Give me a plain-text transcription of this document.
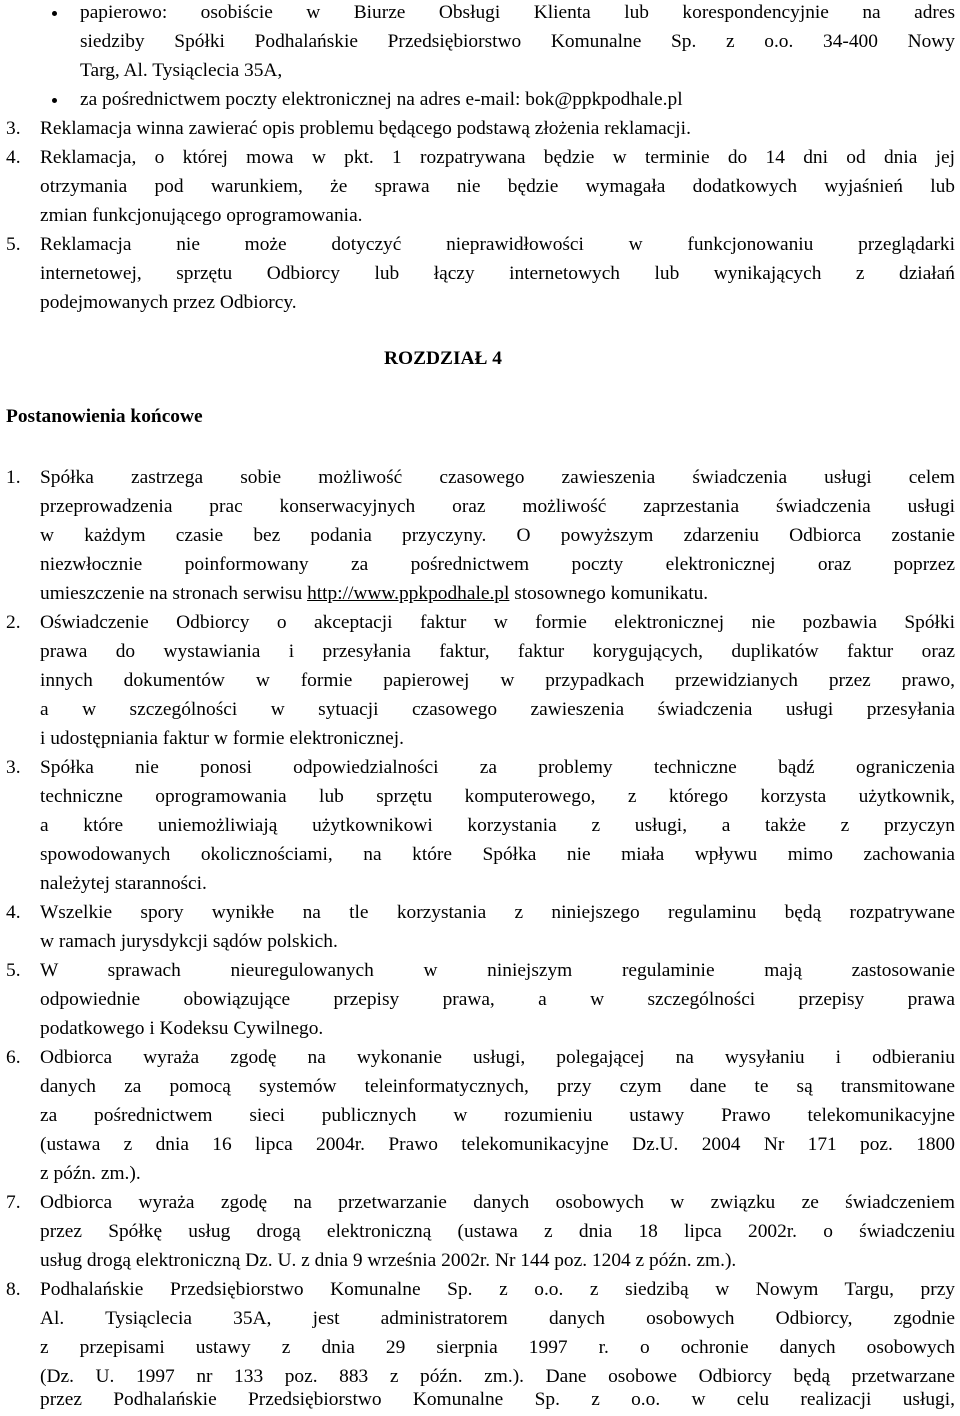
papierowo: osobiście w Biurze Obsługi Klienta lub korespondencyjnie na adres
siedziby Spółki Podhalańskie Przedsiębiorstwo Komunalne Sp. z o.o. 34-400 Nowy
Targ, Al. Tysiąclecia 35A,
za pośrednictwem poczty elektronicznej na adres e-mail: bok@ppkpodhale.pl
3. Reklamacja winna zawierać opis problemu będącego podstawą złożenia reklamacji.
4. Reklamacja, o której mowa w pkt. 1 rozpatrywana będzie w terminie do 14 dni od dnia jej
otrzymania pod warunkiem, że sprawa nie będzie wymagała dodatkowych wyjaśnień lub
zmian funkcjonującego oprogramowania.
5. Reklamacja nie może dotyczyć nieprawidłowości w funkcjonowaniu przeglądarki
internetowej, sprzętu Odbiorcy lub łączy internetowych lub wynikających z działań
podejmowanych przez Odbiorcy.
ROZDZIAŁ 4
Postanowienia końcowe
1. Spółka zastrzega sobie możliwość czasowego zawieszenia świadczenia usługi celem
przeprowadzenia prac konserwacyjnych oraz możliwość zaprzestania świadczenia usługi
w każdym czasie bez podania przyczyny. O powyższym zdarzeniu Odbiorca zostanie
niezwłocznie poinformowany za pośrednictwem poczty elektronicznej oraz poprzez
umieszczenie na stronach serwisu http://www.ppkpodhale.pl stosownego komunikatu.
2. Oświadczenie Odbiorcy o akceptacji faktur w formie elektronicznej nie pozbawia Spółki
prawa do wystawiania i przesyłania faktur, faktur korygujących, duplikatów faktur oraz
innych dokumentów w formie papierowej w przypadkach przewidzianych przez prawo,
a w szczególności w sytuacji czasowego zawieszenia świadczenia usługi przesyłania
i udostępniania faktur w formie elektronicznej.
3. Spółka nie ponosi odpowiedzialności za problemy techniczne bądź ograniczenia
techniczne oprogramowania lub sprzętu komputerowego, z którego korzysta użytkownik,
a które uniemożliwiają użytkownikowi korzystania z usługi, a także z przyczyn
spowodowanych okolicznościami, na które Spółka nie miała wpływu mimo zachowania
należytej staranności.
4. Wszelkie spory wynikłe na tle korzystania z niniejszego regulaminu będą rozpatrywane
w ramach jurysdykcji sądów polskich.
5. W sprawach nieuregulowanych w niniejszym regulaminie mają zastosowanie
odpowiednie obowiązujące przepisy prawa, a w szczególności przepisy prawa
podatkowego i Kodeksu Cywilnego.
6. Odbiorca wyraża zgodę na wykonanie usługi, polegającej na wysyłaniu i odbieraniu
danych za pomocą systemów teleinformatycznych, przy czym dane te są transmitowane
za pośrednictwem sieci publicznych w rozumieniu ustawy Prawo telekomunikacyjne
(ustawa z dnia 16 lipca 2004r. Prawo telekomunikacyjne Dz.U. 2004 Nr 171 poz. 1800
z późn. zm.).
7. Odbiorca wyraża zgodę na przetwarzanie danych osobowych w związku ze świadczeniem
przez Spółkę usług drogą elektroniczną (ustawa z dnia 18 lipca 2002r. o świadczeniu
usług drogą elektroniczną Dz. U. z dnia 9 września 2002r. Nr 144 poz. 1204 z późn. zm.).
8. Podhalańskie Przedsiębiorstwo Komunalne Sp. z o.o. z siedzibą w Nowym Targu, przy
Al. Tysiąclecia 35A, jest administratorem danych osobowych Odbiorcy, zgodnie
z przepisami ustawy z dnia 29 sierpnia 1997 r. o ochronie danych osobowych
(Dz. U. 1997 nr 133 poz. 883 z późn. zm.). Dane osobowe Odbiorcy będą przetwarzane
przez Podhalańskie Przedsiębiorstwo Komunalne Sp. z o.o. w celu realizacji usługi,
